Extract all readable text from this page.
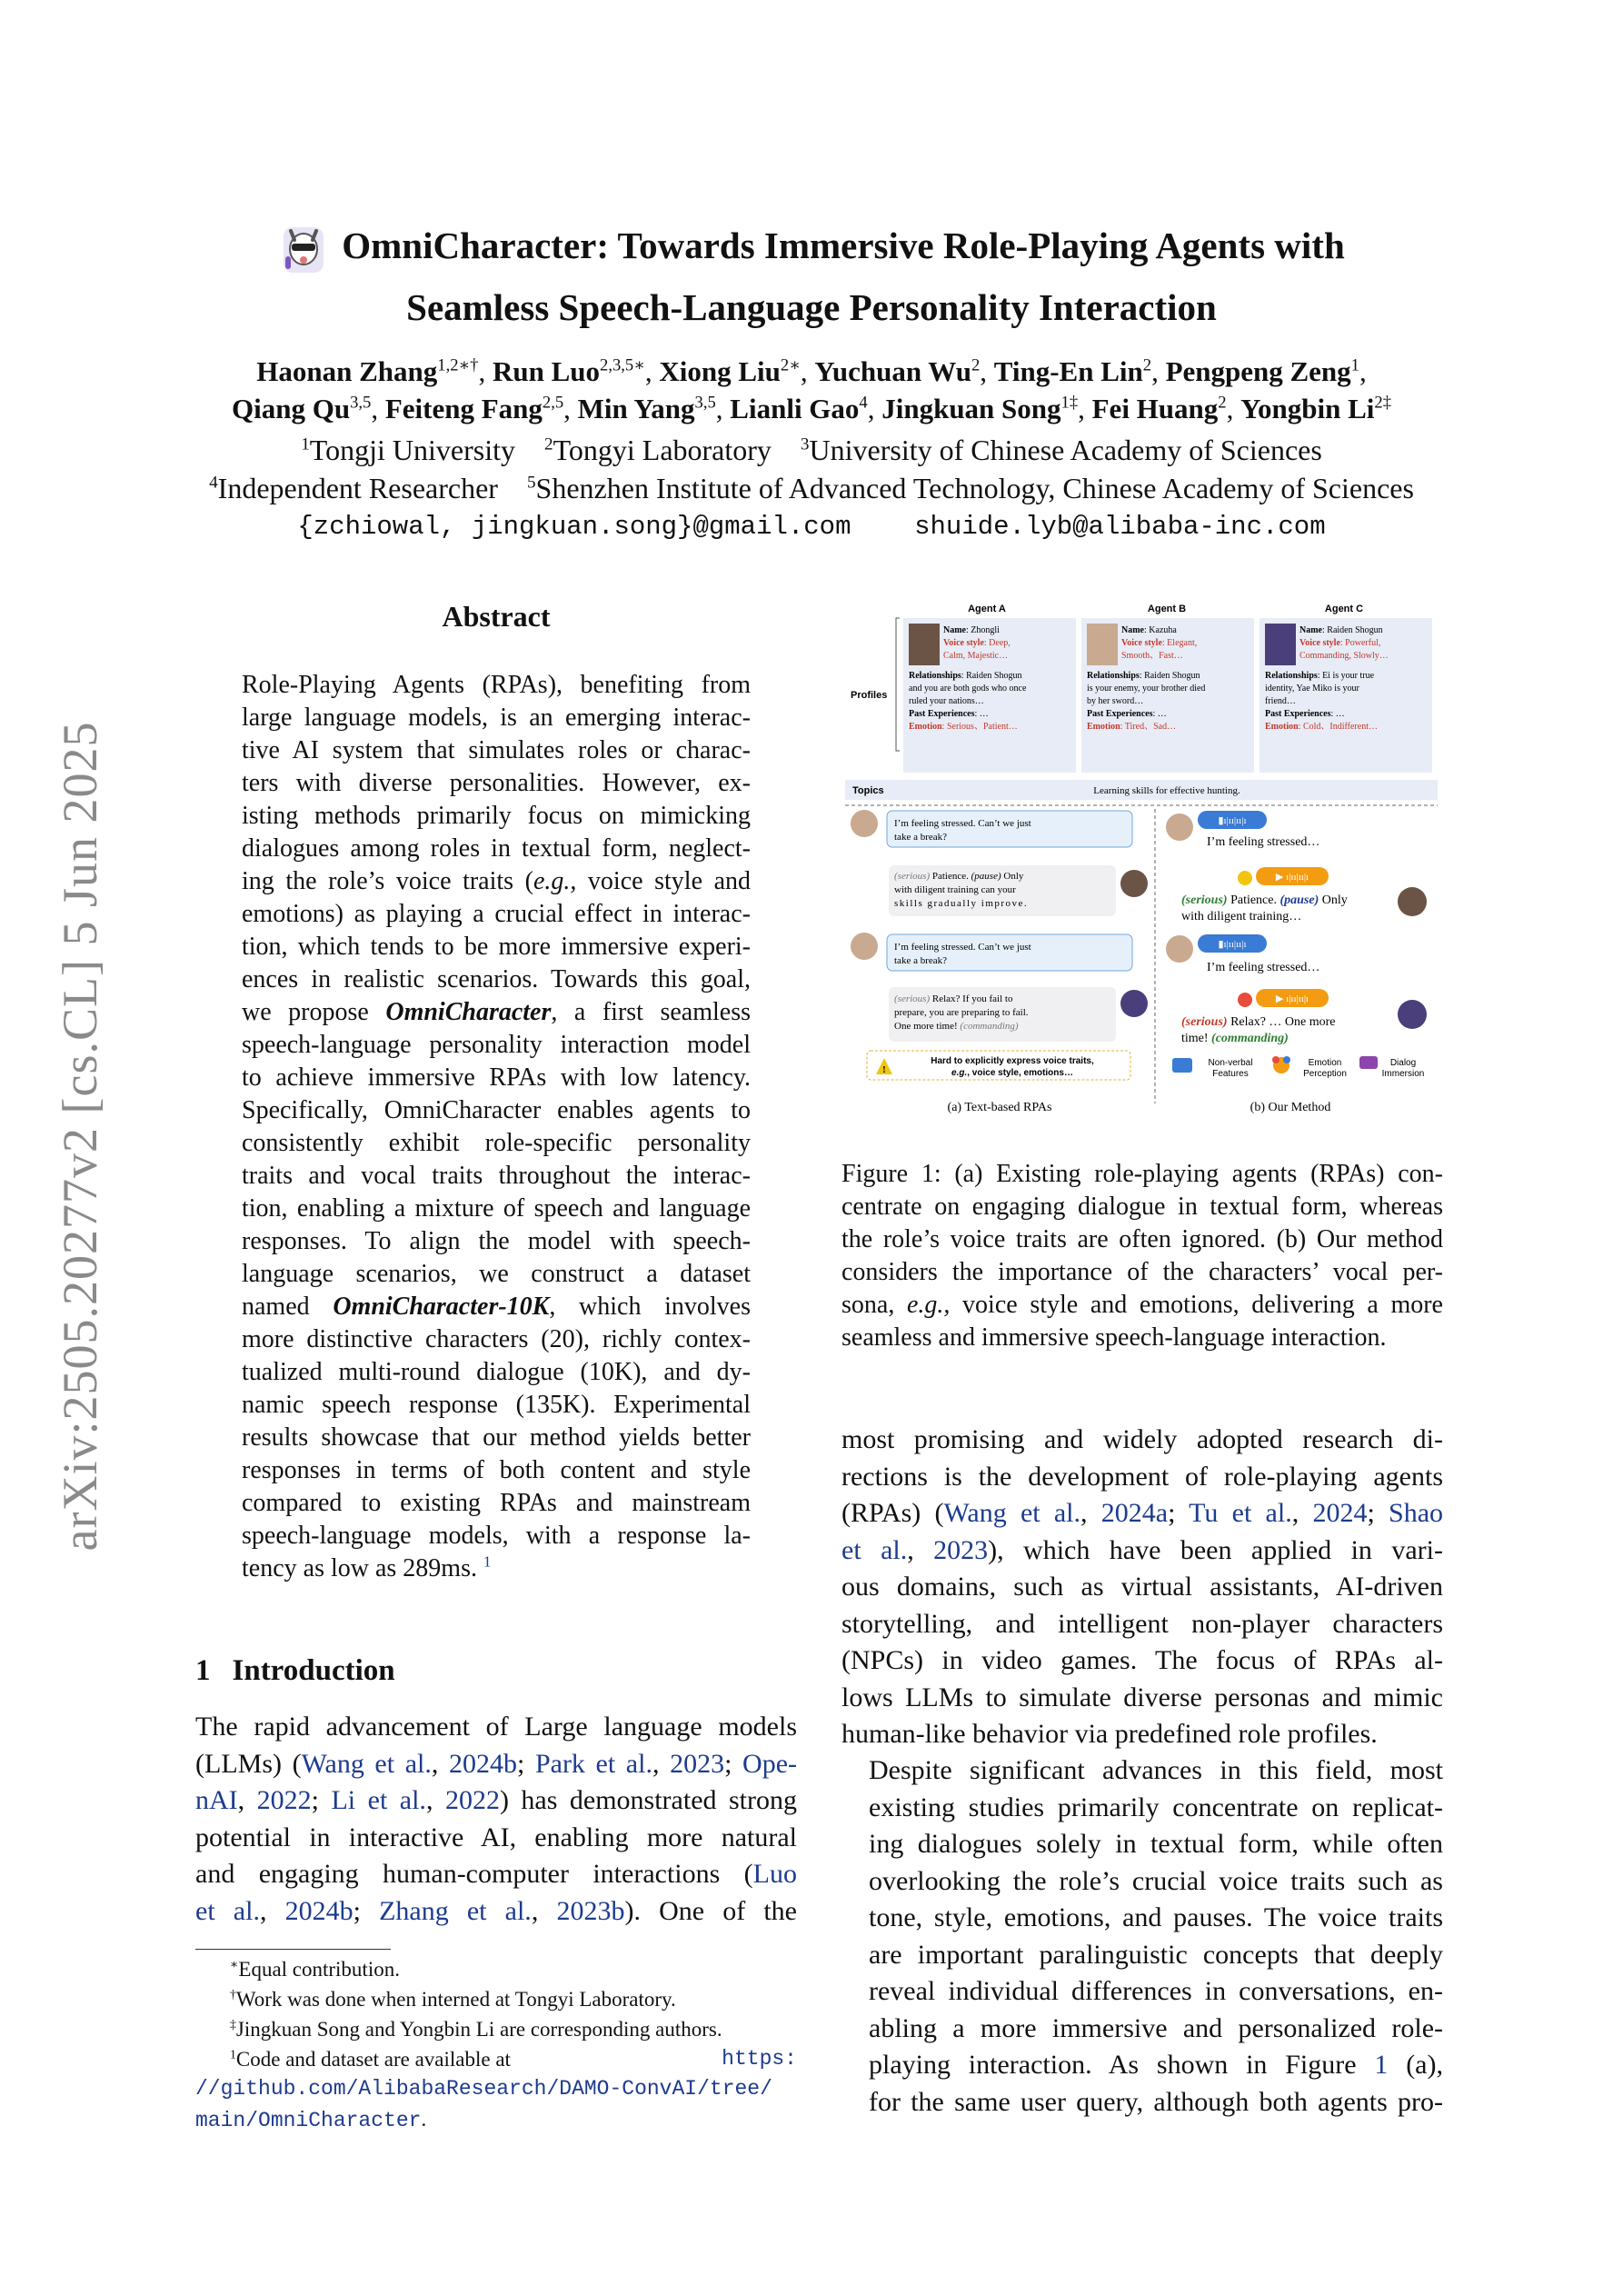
OmniCharacter: Towards Immersive Role-Playing Agents with
Seamless Speech-Language Personality Interaction
Haonan Zhang$^{1,2∗\dagger}$, Run Luo$^{2,3,5∗}$, Xiong Liu$^{2∗}$, Yuchuan Wu$^2$, Ting-En Lin$^2$, Pengpeng Zeng$^1$,
Qiang Qu$^{3,5}$, Feiteng Fang$^{2,5}$, Min Yang$^{3,5}$, Lianli Gao$^4$, Jingkuan Song$^{1\ddagger}$, Fei Huang$^2$, Yongbin $Li^{2\ddagger}$
$^1$Tongji University $^2$Tongyi Laboratory $^3$University of Chinese Academy of Sciences
$^4$Independent Researcher $^5$Shenzhen Institute of Advanced Technology, Chinese Academy of Sciences
{zchiowal, jingkuan.song}@gmail.com shuide.lyb@alibaba-inc.com
arXiv:2505.20277v2 [cs.CL] 5 Jun 2025
Abstract
Role-Playing Agents (RPAs), benefiting from
large language models, is an emerging interac-
tive AI system that simulates roles or charac-
ters with diverse personalities. However, ex-
isting methods primarily focus on mimicking
dialogues among roles in textual form, neglect-
ing the role’s voice traits (e.g., voice style and
emotions) as playing a crucial effect in interac-
tion, which tends to be more immersive experi-
ences in realistic scenarios. Towards this goal,
we propose OmniCharacter, a first seamless
speech-language personality interaction model
to achieve immersive RPAs with low latency.
Specifically, OmniCharacter enables agents to
consistently exhibit role-specific personality
traits and vocal traits throughout the interac-
tion, enabling a mixture of speech and language
responses. To align the model with speech-
language scenarios, we construct a dataset
named OmniCharacter-10K, which involves
more distinctive characters (20), richly contex-
tualized multi-round dialogue (10K), and dy-
namic speech response (135K). Experimental
results showcase that our method yields better
responses in terms of both content and style
compared to existing RPAs and mainstream
speech-language models, with a response la-
tency as low as 289ms. $^1$
1 Introduction
The rapid advancement of Large language models
(LLMs) (Wang et al., 2024b; Park et al., 2023; Ope-
nAI, 2022; Li et al., 2022) has demonstrated strong
potential in interactive AI, enabling more natural
and engaging human-computer interactions (Luo
et al., 2024b; Zhang et al., 2023b). One of the
∗Equal contribution.
†Work was done when interned at Tongyi Laboratory.
‡Jingkuan Song and Yongbin Li are corresponding authors.
$^1$Code and dataset are available at	https:
//github.com/AlibabaResearch/DAMO-ConvAI/tree/
main/OmniCharacter.
Agent A	Agent B	Agent C
Name: Zhongli
Voice style: Deep,
Calm, Majestic…
Relationships: Raiden Shogun
and you are both gods who once
ruled your nations…
Past Experiences: …
Emotion: Serious、Patient…
Name: Kazuha
Voice style: Elegant,
Smooth、Fast…
Relationships: Raiden Shogun
is your enemy, your brother died
by her sword…
Past Experiences: …
Emotion: Tired、Sad…
Name: Raiden Shogun
Voice style: Powerful,
Commanding, Slowly…
Relationships: Ei is your true
identity, Yae Miko is your
friend…
Past Experiences: …
Emotion: Cold、Indifferent…
Profiles
Topics	Learning skills for effective hunting.
I’m feeling stressed. Can’t we just
take a break?
(serious) Patience. (pause) Only
with diligent training can your
skills gradually improve.
I’m feeling stressed. Can’t we just
take a break?
(serious) Relax? If you fail to
prepare, you are preparing to fail.
One more time! (commanding)
!
Hard to explicitly express voice traits,
e.g., voice style, emotions…
▮ı|ıı|ıı|ı
I’m feeling stressed…
▶ ı|ıı|ıı|ı
(serious) Patience. (pause) Only
with diligent training…
▮ı|ıı|ıı|ı
I’m feeling stressed…
▶ ı|ıı|ıı|ı
(serious) Relax? … One more
time! (commanding)
Non-verbal
Features
Emotion
Perception
Dialog
Immersion
(a) Text-based RPAs	(b) Our Method
Figure 1: (a) Existing role-playing agents (RPAs) con-
centrate on engaging dialogue in textual form, whereas
the role’s voice traits are often ignored. (b) Our method
considers the importance of the characters’ vocal per-
sona, e.g., voice style and emotions, delivering a more
seamless and immersive speech-language interaction.
most promising and widely adopted research di-
rections is the development of role-playing agents
(RPAs) (Wang et al., 2024a; Tu et al., 2024; Shao
et al., 2023), which have been applied in vari-
ous domains, such as virtual assistants, AI-driven
storytelling, and intelligent non-player characters
(NPCs) in video games. The focus of RPAs al-
lows LLMs to simulate diverse personas and mimic
human-like behavior via predefined role profiles.
Despite significant advances in this field, most
existing studies primarily concentrate on replicat-
ing dialogues solely in textual form, while often
overlooking the role’s crucial voice traits such as
tone, style, emotions, and pauses. The voice traits
are important paralinguistic concepts that deeply
reveal individual differences in conversations, en-
abling a more immersive and personalized role-
playing interaction. As shown in Figure 1 (a),
for the same user query, although both agents pro-
